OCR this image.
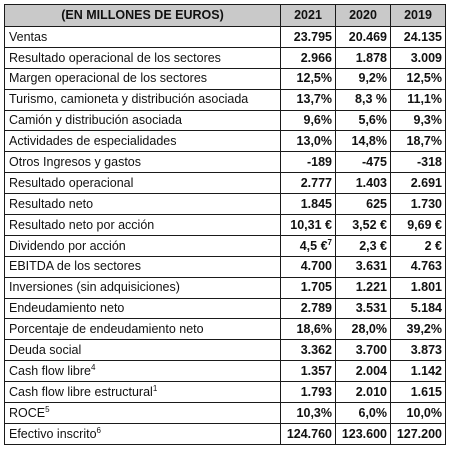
(EN MILLONES DE EUROS)	2021	2020	2019
Ventas	23.795	20.469	24.135
Resultado operacional de los sectores	2.966	1.878	3.009
Margen operacional de los sectores	12,5%	9,2%	12,5%
Turismo, camioneta y distribución asociada	13,7%	8,3 %	11,1%
Camión y distribución asociada	9,6%	5,6%	9,3%
Actividades de especialidades	13,0%	14,8%	18,7%
Otros Ingresos y gastos	-189	-475	-318
Resultado operacional	2.777	1.403	2.691
Resultado neto	1.845	625	1.730
Resultado neto por acción	10,31 €	3,52 €	9,69 €
Dividendo por acción	4,5 €$^7$	2,3 €	2 €
EBITDA de los sectores	4.700	3.631	4.763
Inversiones (sin adquisiciones)	1.705	1.221	1.801
Endeudamiento neto	2.789	3.531	5.184
Porcentaje de endeudamiento neto	18,6%	28,0%	39,2%
Deuda social	3.362	3.700	3.873
Cash flow libre$^4$	1.357	2.004	1.142
Cash flow libre estructural$^1$	1.793	2.010	1.615
ROCE$^5$	10,3%	6,0%	10,0%
Efectivo inscrito$^6$	124.760	123.600	127.200
